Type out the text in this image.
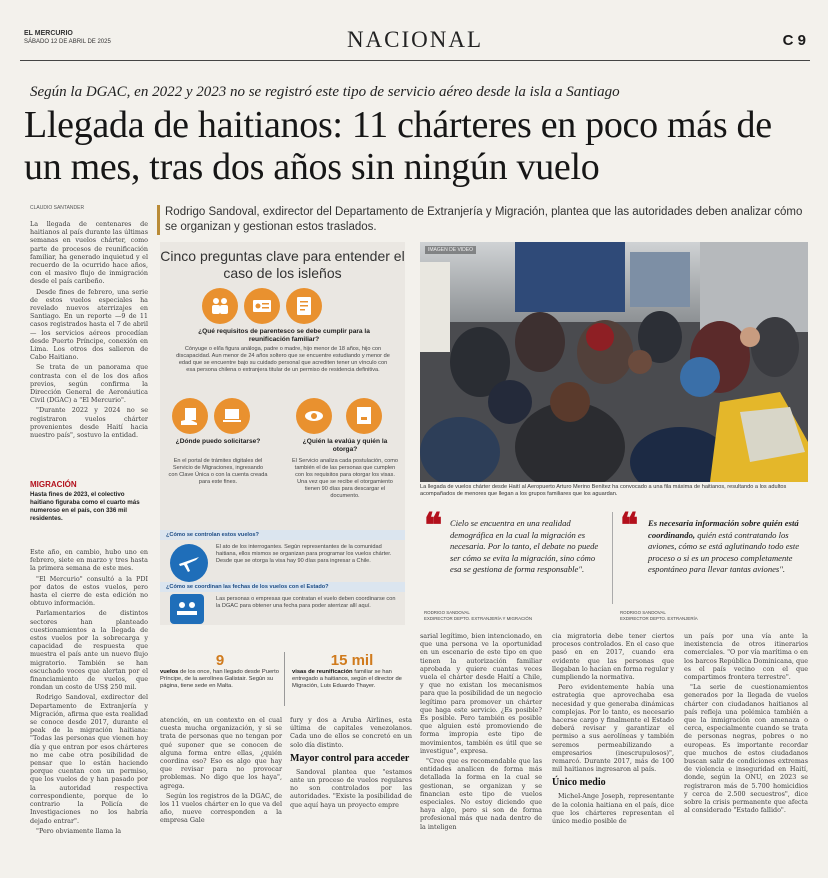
EL MERCURIO
SÁBADO 12 DE ABRIL DE 2025	NACIONAL	C 9
Según la DGAC, en 2022 y 2023 no se registró este tipo de servicio aéreo desde la isla a Santiago
Llegada de haitianos: 11 chárteres en poco más de un mes, tras dos años sin ningún vuelo
Rodrigo Sandoval, exdirector del Departamento de Extranjería y Migración, plantea que las autoridades deben analizar cómo se organizan y gestionan estos traslados.
CLAUDIO SANTANDER

La llegada de centenares de haitianos al país durante las últimas semanas en vuelos chárter, como parte de procesos de reunificación familiar, ha generado inquietud y el recuerdo de la ocurrido hace años, con el masivo flujo de inmigración desde el país caribeño.

Desde fines de febrero, una serie de estos vuelos especiales ha revelado nuevos aterrizajes en Santiago. En un reporte —9 de 11 casos registrados hasta el 7 de abril— los servicios aéreos procedían desde Puerto Príncipe, conexión en Lima. Los otros dos salieron de Cabo Haitiano.

Se trata de un panorama que contrasta con el de los dos años previos, según confirma la Dirección General de Aeronáutica Civil (DGAC) a "El Mercurio".

"Durante 2022 y 2024 no se registraron vuelos chárter provenientes desde Haití hacia nuestro país", sostuvo la entidad.

MIGRACIÓN
Hasta fines de 2023, el colectivo haitiano figuraba como el cuarto más numeroso en el país, con 336 mil residentes.

Este año, en cambio, hubo uno en febrero, siete en marzo y tres hasta la primera semana de este mes.

"El Mercurio" consultó a la PDI por datos de estos vuelos, pero hasta el cierre de esta edición no obtuvo información.

Parlamentarios de distintos sectores han planteado cuestionamientos a la llegada de estos vuelos por la sobrecarga y capacidad de respuesta que muestra el país ante un nuevo flujo migratorio. También se han escuchado voces que alertan por el financiamiento de vuelos, que rondan un costo de US$ 250 mil.

Rodrigo Sandoval, exdirector del Departamento de Extranjería y Migración, afirma que esta realidad se conoce desde 2017, durante el peak de la migración haitiana: "Todas las personas que vienen hoy día y que entran por esos chárteres no me cabe otra posibilidad de pensar que lo están haciendo porque cuentan con un permiso, que los vuelos de y han pasado por la autoridad respectiva correspondiente, porque de lo contrario la Policía de Investigaciones no los habría dejado entrar".

"Pero obviamente llama la

Cinco preguntas clave para entender el caso de los isleños
¿Qué requisitos de parentesco se debe cumplir para la reunificación familiar?
Cónyuge o el/la figura análoga, padre o madre, hijo menor de 18 años, hijo con discapacidad. Aun menor de 24 años soltero que se encuentre estudiando y menor de edad que se encuentre bajo su cuidado personal que acrediten tener un vínculo con esa persona chilena o extranjera titular de un permiso de residencia definitiva.
¿Dónde puedo solicitarse?
En el portal de trámites digitales del Servicio de Migraciones, ingresando con Clave Única o con la cuenta creada para este fines.
¿Quién la evalúa y quién la otorga?
El Servicio analiza cada postulación, como también el de las personas que cumplen con los requisitos para otorgar los visas. Una vez que se recibe el otorgamiento tienen 90 días para descargar el documento.
¿Cómo se controlan estos vuelos?
El ato de los interrogantes. Según representantes de la comunidad haitiana, ellos mismos se organizan para programar los vuelos chárter. Desde que se otorga la visa hay 90 días para ingresar a Chile.
¿Cómo se coordinan las fechas de los vuelos con el Estado?
Las personas o empresas que contratan el vuelo deben coordinarse con la DGAC para obtener una fecha para poder aterrizar allí aquí.
9
vuelos de los once, han llegado desde Puerto Príncipe, de la aerolínea Galistair. Según su página, tiene sede en Malta.
15 mil
visas de reunificación familiar se han entregado a haitianos, según el director de Migración, Luis Eduardo Thayer.
IMAGEN DE VIDEO
La llegada de vuelos chárter desde Haití al Aeropuerto Arturo Merino Benítez ha convocado a una fila máxima de haitianos, resultando a los adultos acompañados de menores que llegan a los grupos familiares que los aguardan.
❝ Cielo se encuentra en una realidad demográfica en la cual la migración es necesaria. Por lo tanto, el debate no puede ser cómo se evita la migración, sino cómo esa se gestiona de forma responsable".
RODRIGO SANDOVAL
EXDIRECTOR DEPTO. EXTRANJERÍA Y MIGRACIÓN
❝ Es necesaria información sobre quién está coordinando, quién está contratando los aviones, cómo se está aglutinando todo este proceso o si es un proceso completamente espontáneo para llevar tantas aviones".
RODRIGO SANDOVAL
EXDIRECTOR DEPTO. EXTRANJERÍA

atención, en un contexto en el cual cuesta mucha organización, y si se trata de personas que no tengan por qué suponer que se conocen de alguna forma entre ellas, ¿quién coordina eso? Eso es algo que hay que revisar para no provocar problemas. No digo que los haya", agrega.

Según los registros de la DGAC, de los 11 vuelos chárter en lo que va del año, nueve corresponden a la empresa Gale

fury y dos a Aruba Airlines, esta última de capitales venezolanos. Cada uno de ellos se concretó en un solo día distinto.

Mayor control para acceder

Sandoval plantea que "estamos ante un proceso de vuelos regulares no son controlados por las autoridades. "Existe la posibilidad de que aquí haya un proyecto empre

sarial legítimo, bien intencionado, en que una persona ve la oportunidad en un escenario de este tipo en que tienen la autorización familiar aprobada y quiere cuantas veces vuela el chárter desde Haití a Chile, y que no existan los mecanismos para que la posibilidad de un negocio legítimo para promover un chárter que haga este servicio. ¿Es posible? Es posible. Pero también es posible que alguien esté promoviendo de forma impropia este tipo de movimientos, también es útil que se investigue", expresa.

"Creo que es recomendable que las entidades analicen de forma más detallada la forma en la cual se gestionan, se organizan y se financian este tipo de vuelos especiales. No estoy diciendo que haya algo, pero si son de forma profesional más que nada dentro de la inteligen

cia migratoria debe tener ciertos procesos controlados. En el caso que pasó en en 2017, cuando era evidente que las personas que llegaban lo hacían en forma regular y cumpliendo la normativa.

Pero evidentemente había una estrategia que aprovechaba esa necesidad y que generaba dinámicas complejas. Por lo tanto, es necesario hacerse cargo y finalmente el Estado deberá revisar y garantizar el permiso a sus aerolíneas y también seremos permeabilizando a empresarios (inescrupulosos)", remarcó. Durante 2017, más de 100 mil haitianos ingresaron al país.

Único medio

Michel-Ange Joseph, representante de la colonia haitiana en el país, dice que los chárteres representan el único medio posible de

un país por una vía ante la inexistencia de otros itinerarios comerciales. "O por vía marítima o en los barcos República Dominicana, que es el país vecino con el que compartimos frontera terrestre".

"La serie de cuestionamientos generados por la llegada de vuelos chárter con ciudadanos haitianos al país refleja una polémica también a que la inmigración con amenaza o cerca, especialmente cuando se trata de personas negras, pobres o no europeas. Es importante recordar que muchos de estos ciudadanos buscan salir de condiciones extremas de violencia e inseguridad en Haití, donde, según la ONU, en 2023 se registraron más de 5.700 homicidios y cerca de 2.500 secuestros", dice sobre la crisis permanente que afecta al considerado "Estado fallido".
